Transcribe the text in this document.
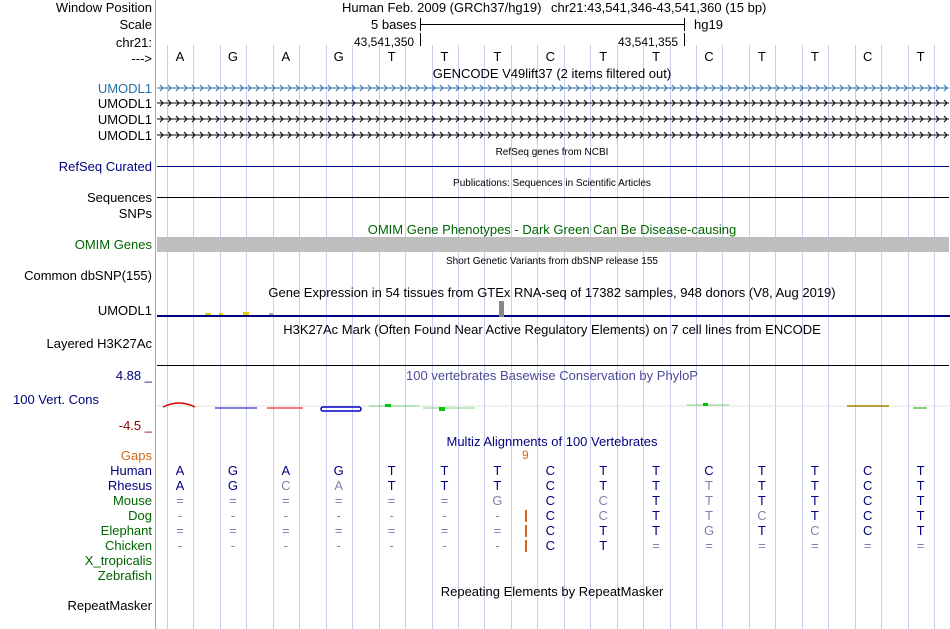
Window Position
Scale
chr21:
--->
Human Feb. 2009 (GRCh37/hg19) chr21:43,541,346-43,541,360 (15 bp)
5 bases	hg19
43,541,350	43,541,355
A	G	A	G	T	T	T	C	T	T	C	T	T	C	T
GENCODE V49lift37 (2 items filtered out)
UMODL1
UMODL1
UMODL1
UMODL1
RefSeq genes from NCBI
RefSeq Curated
Publications: Sequences in Scientific Articles
Sequences
SNPs
OMIM Gene Phenotypes - Dark Green Can Be Disease-causing
OMIM Genes
Short Genetic Variants from dbSNP release 155
Common dbSNP(155)
Gene Expression in 54 tissues from GTEx RNA-seq of 17382 samples, 948 donors (V8, Aug 2019)
UMODL1
H3K27Ac Mark (Often Found Near Active Regulatory Elements) on 7 cell lines from ENCODE
Layered H3K27Ac
4.88 _	100 vertebrates Basewise Conservation by PhyloP
100 Vert. Cons
-4.5 _
Multiz Alignments of 100 Vertebrates
Gaps	9
Human	A	G	A	G	T	T	T	C	T	T	C	T	T	C	T
Rhesus	A	G	C	A	T	T	T	C	T	T	T	T	T	C	T
Mouse	=	=	=	=	=	=	G	C	C	T	T	T	T	C	T
Dog	-	-	-	-	-	-	-	C	C	T	T	C	T	C	T
Elephant	=	=	=	=	=	=	=	C	T	T	G	T	C	C	T
Chicken	-	-	-	-	-	-	-	C	T	=	=	=	=	=	=
X_tropicalis
Zebrafish
Repeating Elements by RepeatMasker
RepeatMasker
